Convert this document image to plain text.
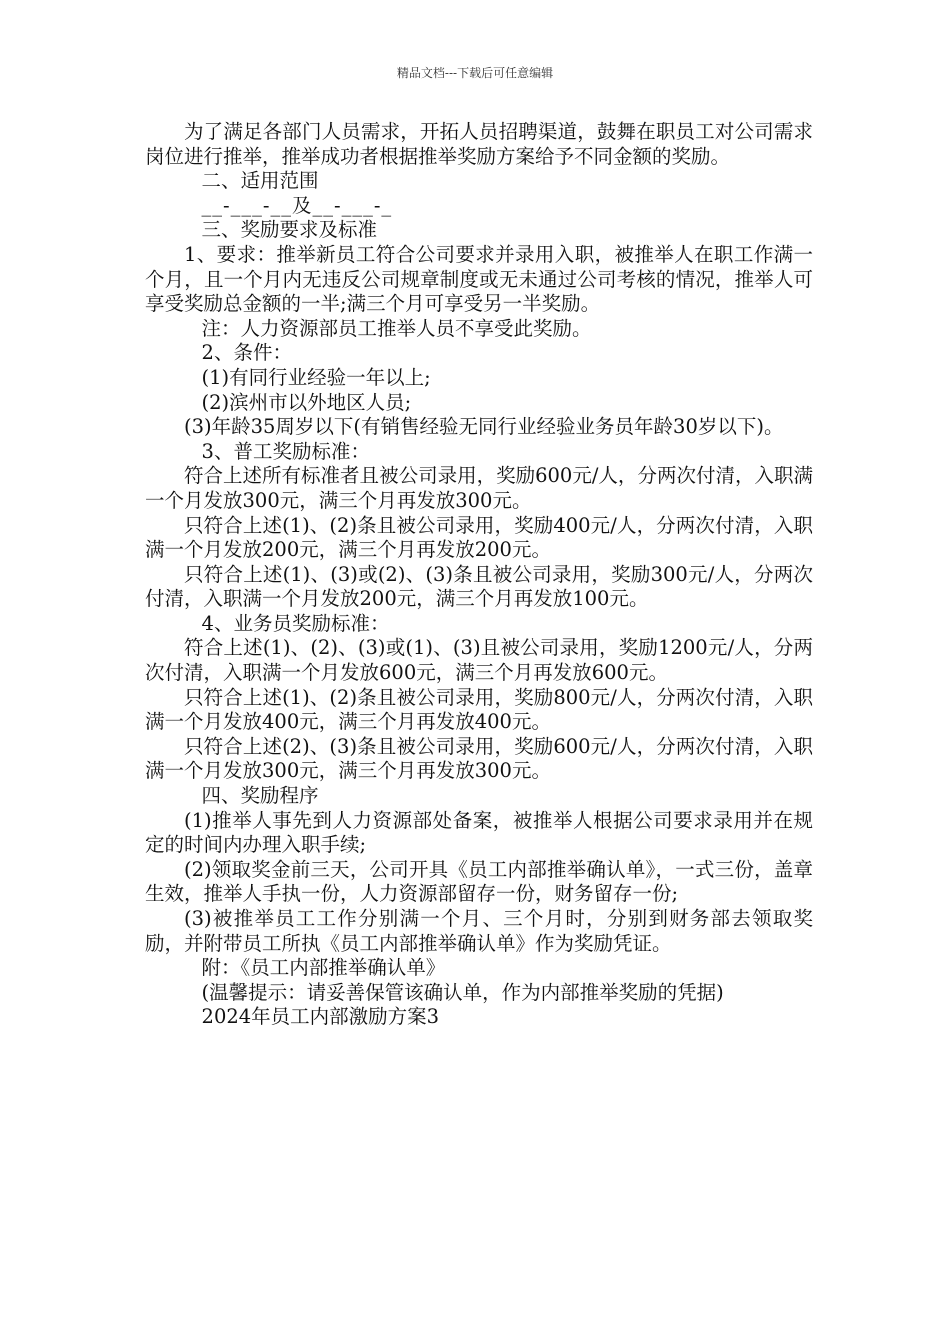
精品文档---下载后可任意编辑
为了满足各部门人员需求，开拓人员招聘渠道，鼓舞在职员工对公司需求岗位进行推举，推举成功者根据推举奖励方案给予不同金额的奖励。
二、适用范围
__-___-__及__-___-_
三、奖励要求及标准
1、要求：推举新员工符合公司要求并录用入职，被推举人在职工作满一个月，且一个月内无违反公司规章制度或无未通过公司考核的情况，推举人可享受奖励总金额的一半;满三个月可享受另一半奖励。
注：人力资源部员工推举人员不享受此奖励。
2、条件：
(1)有同行业经验一年以上;
(2)滨州市以外地区人员;
(3)年龄35周岁以下(有销售经验无同行业经验业务员年龄30岁以下)。
3、普工奖励标准：
符合上述所有标准者且被公司录用，奖励600元/人，分两次付清，入职满一个月发放300元，满三个月再发放300元。
只符合上述(1)、(2)条且被公司录用，奖励400元/人，分两次付清，入职满一个月发放200元，满三个月再发放200元。
只符合上述(1)、(3)或(2)、(3)条且被公司录用，奖励300元/人，分两次付清，入职满一个月发放200元，满三个月再发放100元。
4、业务员奖励标准：
符合上述(1)、(2)、(3)或(1)、(3)且被公司录用，奖励1200元/人，分两次付清，入职满一个月发放600元，满三个月再发放600元。
只符合上述(1)、(2)条且被公司录用，奖励800元/人，分两次付清，入职满一个月发放400元，满三个月再发放400元。
只符合上述(2)、(3)条且被公司录用，奖励600元/人，分两次付清，入职满一个月发放300元，满三个月再发放300元。
四、奖励程序
(1)推举人事先到人力资源部处备案，被推举人根据公司要求录用并在规定的时间内办理入职手续;
(2)领取奖金前三天，公司开具《员工内部推举确认单》，一式三份，盖章生效，推举人手执一份，人力资源部留存一份，财务留存一份;
(3)被推举员工工作分别满一个月、三个月时，分别到财务部去领取奖励，并附带员工所执《员工内部推举确认单》作为奖励凭证。
附：《员工内部推举确认单》
(温馨提示：请妥善保管该确认单，作为内部推举奖励的凭据)
2024年员工内部激励方案3
